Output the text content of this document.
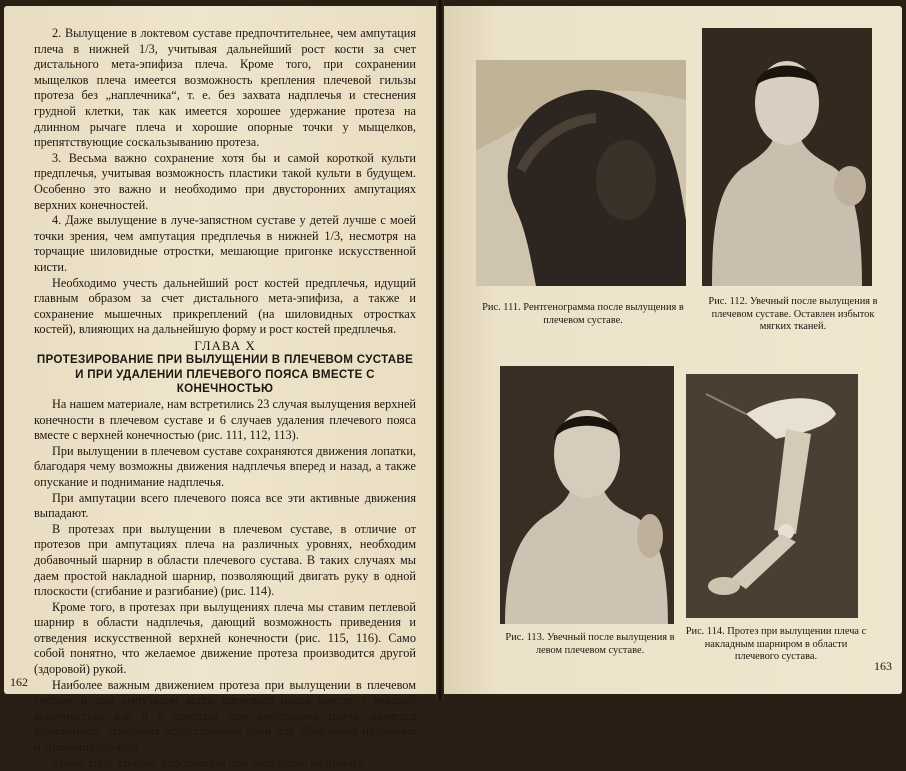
2. Вылущение в локтевом суставе предпочтительнее, чем ампутация плеча в нижней 1/3, учитывая дальнейший рост кости за счет дистального мета-эпифиза плеча. Кроме того, при сохранении мыщелков плеча имеется возможность крепления плечевой гильзы протеза без „наплечника“, т. е. без захвата надплечья и стеснения грудной клетки, так как имеется хорошее удержание протеза на длинном рычаге плеча и хорошие опорные точки у мыщелков, препятствующие соскальзыванию протеза.

3. Весьма важно сохранение хотя бы и самой короткой культи предплечья, учитывая возможность пластики такой культи в будущем. Особенно это важно и необходимо при двусторонних ампутациях верхних конечностей.

4. Даже вылущение в луче-запястном суставе у детей лучше с моей точки зрения, чем ампутация предплечья в нижней 1/3, несмотря на торчащие шиловидные отростки, мешающие пригонке искусственной кисти.

Необходимо учесть дальнейший рост костей предплечья, идущий главным образом за счет дистального мета-эпифиза, а также и сохранение мышечных прикреплений (на шиловидных отростках костей), влияющих на дальнейшую форму и рост костей предплечья.

ГЛАВА X

ПРОТЕЗИРОВАНИЕ ПРИ ВЫЛУЩЕНИИ В ПЛЕЧЕВОМ СУСТАВЕ И ПРИ УДАЛЕНИИ ПЛЕЧЕВОГО ПОЯСА ВМЕСТЕ С КОНЕЧНОСТЬЮ

На нашем материале, нам встретились 23 случая вылущения верхней конечности в плечевом суставе и 6 случаев удаления плечевого пояса вместе с верхней конечностью (рис. 111, 112, 113).

При вылущении в плечевом суставе сохраняются движения лопатки, благодаря чему возможны движения надплечья вперед и назад, а также опускание и поднимание надплечья.

При ампутации всего плечевого пояса все эти активные движения выпадают.

В протезах при вылущении в плечевом суставе, в отличие от протезов при ампутациях плеча на различных уровнях, необходим добавочный шарнир в области плечевого сустава. В таких случаях мы даем простой накладной шарнир, позволяющий двигать руку в одной плоскости (сгибание и разгибание) (рис. 114).

Кроме того, в протезах при вылущениях плеча мы ставим петлевой шарнир в области надплечья, дающий возможность приведения и отведения искусственной верхней конечности (рис. 115, 116). Само собой понятно, что желаемое движение протеза производится другой (здоровой) рукой.

Наиболее важным движением протеза при вылущении в плечевом суставе и при ампутации всего плечевого пояса вместе с верхней конечностью, как и в протезах при ампутациях плеча, является возможность отведения искусственной руки для облегчения надевания и снимания одежды.

Кроме того, степень деформации при ампутации надплечья

162
Рис. 111. Рентгенограмма после вылущения в плечевом суставе.
Рис. 112. Увечный после вылущения в плечевом суставе. Оставлен избыток мягких тканей.
Рис. 113. Увечный после вылущения в левом плечевом суставе.
Рис. 114. Протез при вылущении плеча с накладным шарниром в области плечевого сустава.
163
